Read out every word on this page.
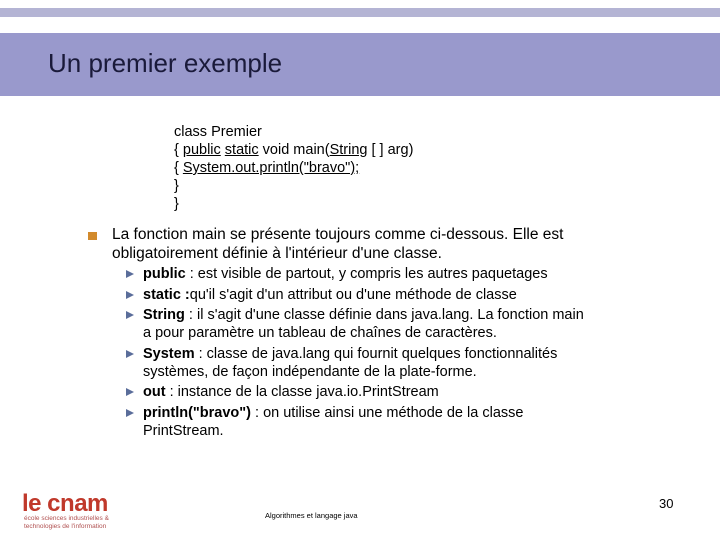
Un premier exemple
class Premier
{ public static void main(String [ ] arg)
{ System.out.println("bravo");
}
}
La fonction main se présente toujours comme ci-dessous. Elle est
obligatoirement définie à l'intérieur d'une classe.
public : est visible de partout, y compris les autres paquetages
static :qu'il s'agit d'un attribut ou d'une méthode de classe
String : il s'agit d'une classe définie dans java.lang. La fonction main
a pour paramètre un tableau de chaînes de caractères.
System : classe de java.lang qui fournit quelques fonctionnalités
systèmes, de façon indépendante de la plate-forme.
out : instance de la classe java.io.PrintStream
println("bravo") : on utilise ainsi une méthode de la classe
PrintStream.
le cnam
école sciences industrielles &
technologies de l'information
30
Algorithmes et langage java
